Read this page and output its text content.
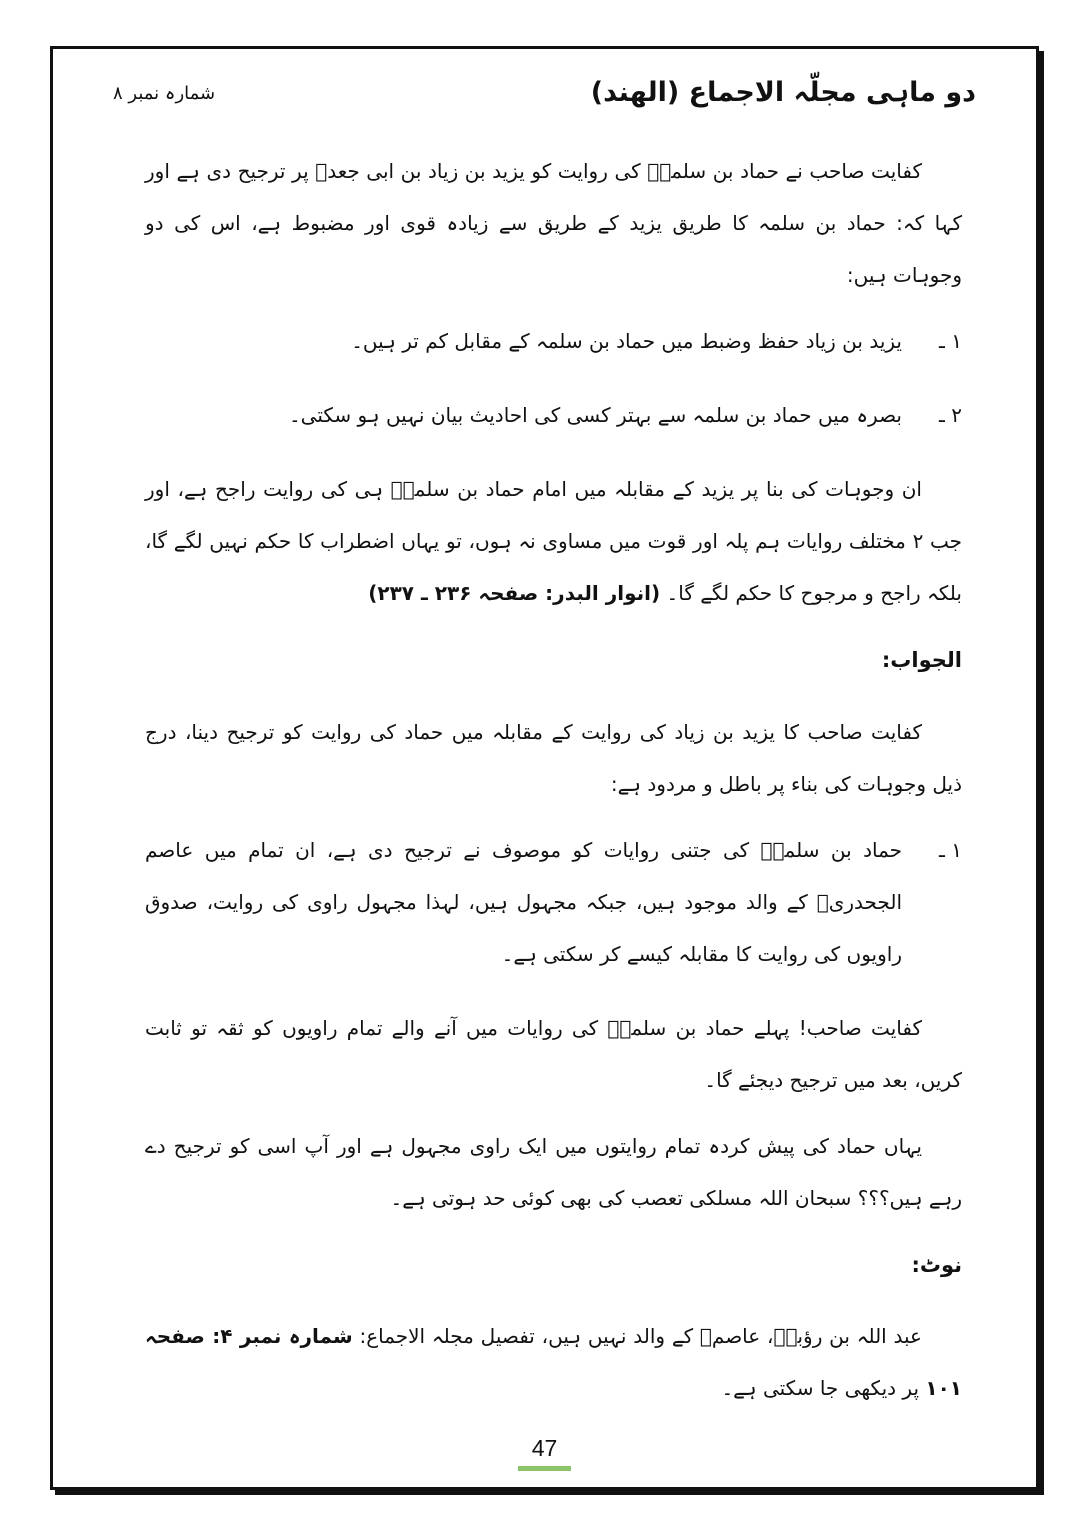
دو ماہی مجلّہ الاجماع (الھند)
شمارہ نمبر ۸

کفایت صاحب نے حماد بن سلمہؒ کی روایت کو یزید بن زیاد بن ابی جعدؒ پر ترجیح دی ہے اور کہا کہ: حماد بن سلمہ کا طریق یزید کے طریق سے زیادہ قوی اور مضبوط ہے، اس کی دو وجوہات ہیں:

۱ ـ
یزید بن زیاد حفظ وضبط میں حماد بن سلمہ کے مقابل کم تر ہیں۔
۲ ـ
بصرہ میں حماد بن سلمہ سے بہتر کسی کی احادیث بیان نہیں ہو سکتی۔

ان وجوہات کی بنا پر یزید کے مقابلہ میں امام حماد بن سلمہؒ ہی کی روایت راجح ہے، اور جب ۲ مختلف روایات ہم پلہ اور قوت میں مساوی نہ ہوں، تو یہاں اضطراب کا حکم نہیں لگے گا، بلکہ راجح و مرجوح کا حکم لگے گا۔ (انوار البدر: صفحہ ۲۳۶ ـ ۲۳۷)

الجواب:

کفایت صاحب کا یزید بن زیاد کی روایت کے مقابلہ میں حماد کی روایت کو ترجیح دینا، درج ذیل وجوہات کی بناء پر باطل و مردود ہے:

۱ ـ
حماد بن سلمہؒ کی جتنی روایات کو موصوف نے ترجیح دی ہے، ان تمام میں عاصم الجحدریؒ کے والد موجود ہیں، جبکہ مجہول ہیں، لہذا مجہول راوی کی روایت، صدوق راویوں کی روایت کا مقابلہ کیسے کر سکتی ہے۔

کفایت صاحب! پہلے حماد بن سلمہؒ کی روایات میں آنے والے تمام راویوں کو ثقہ تو ثابت کریں، بعد میں ترجیح دیجئے گا۔

یہاں حماد کی پیش کردہ تمام روایتوں میں ایک راوی مجہول ہے اور آپ اسی کو ترجیح دے رہے ہیں؟؟؟ سبحان اللہ مسلکی تعصب کی بھی کوئی حد ہوتی ہے۔

نوٹ:

عبد اللہ بن رؤبہؒ، عاصمؒ کے والد نہیں ہیں، تفصیل مجلہ الاجماع: شمارہ نمبر ۴: صفحہ ۱۰۱ پر دیکھی جا سکتی ہے۔

47
